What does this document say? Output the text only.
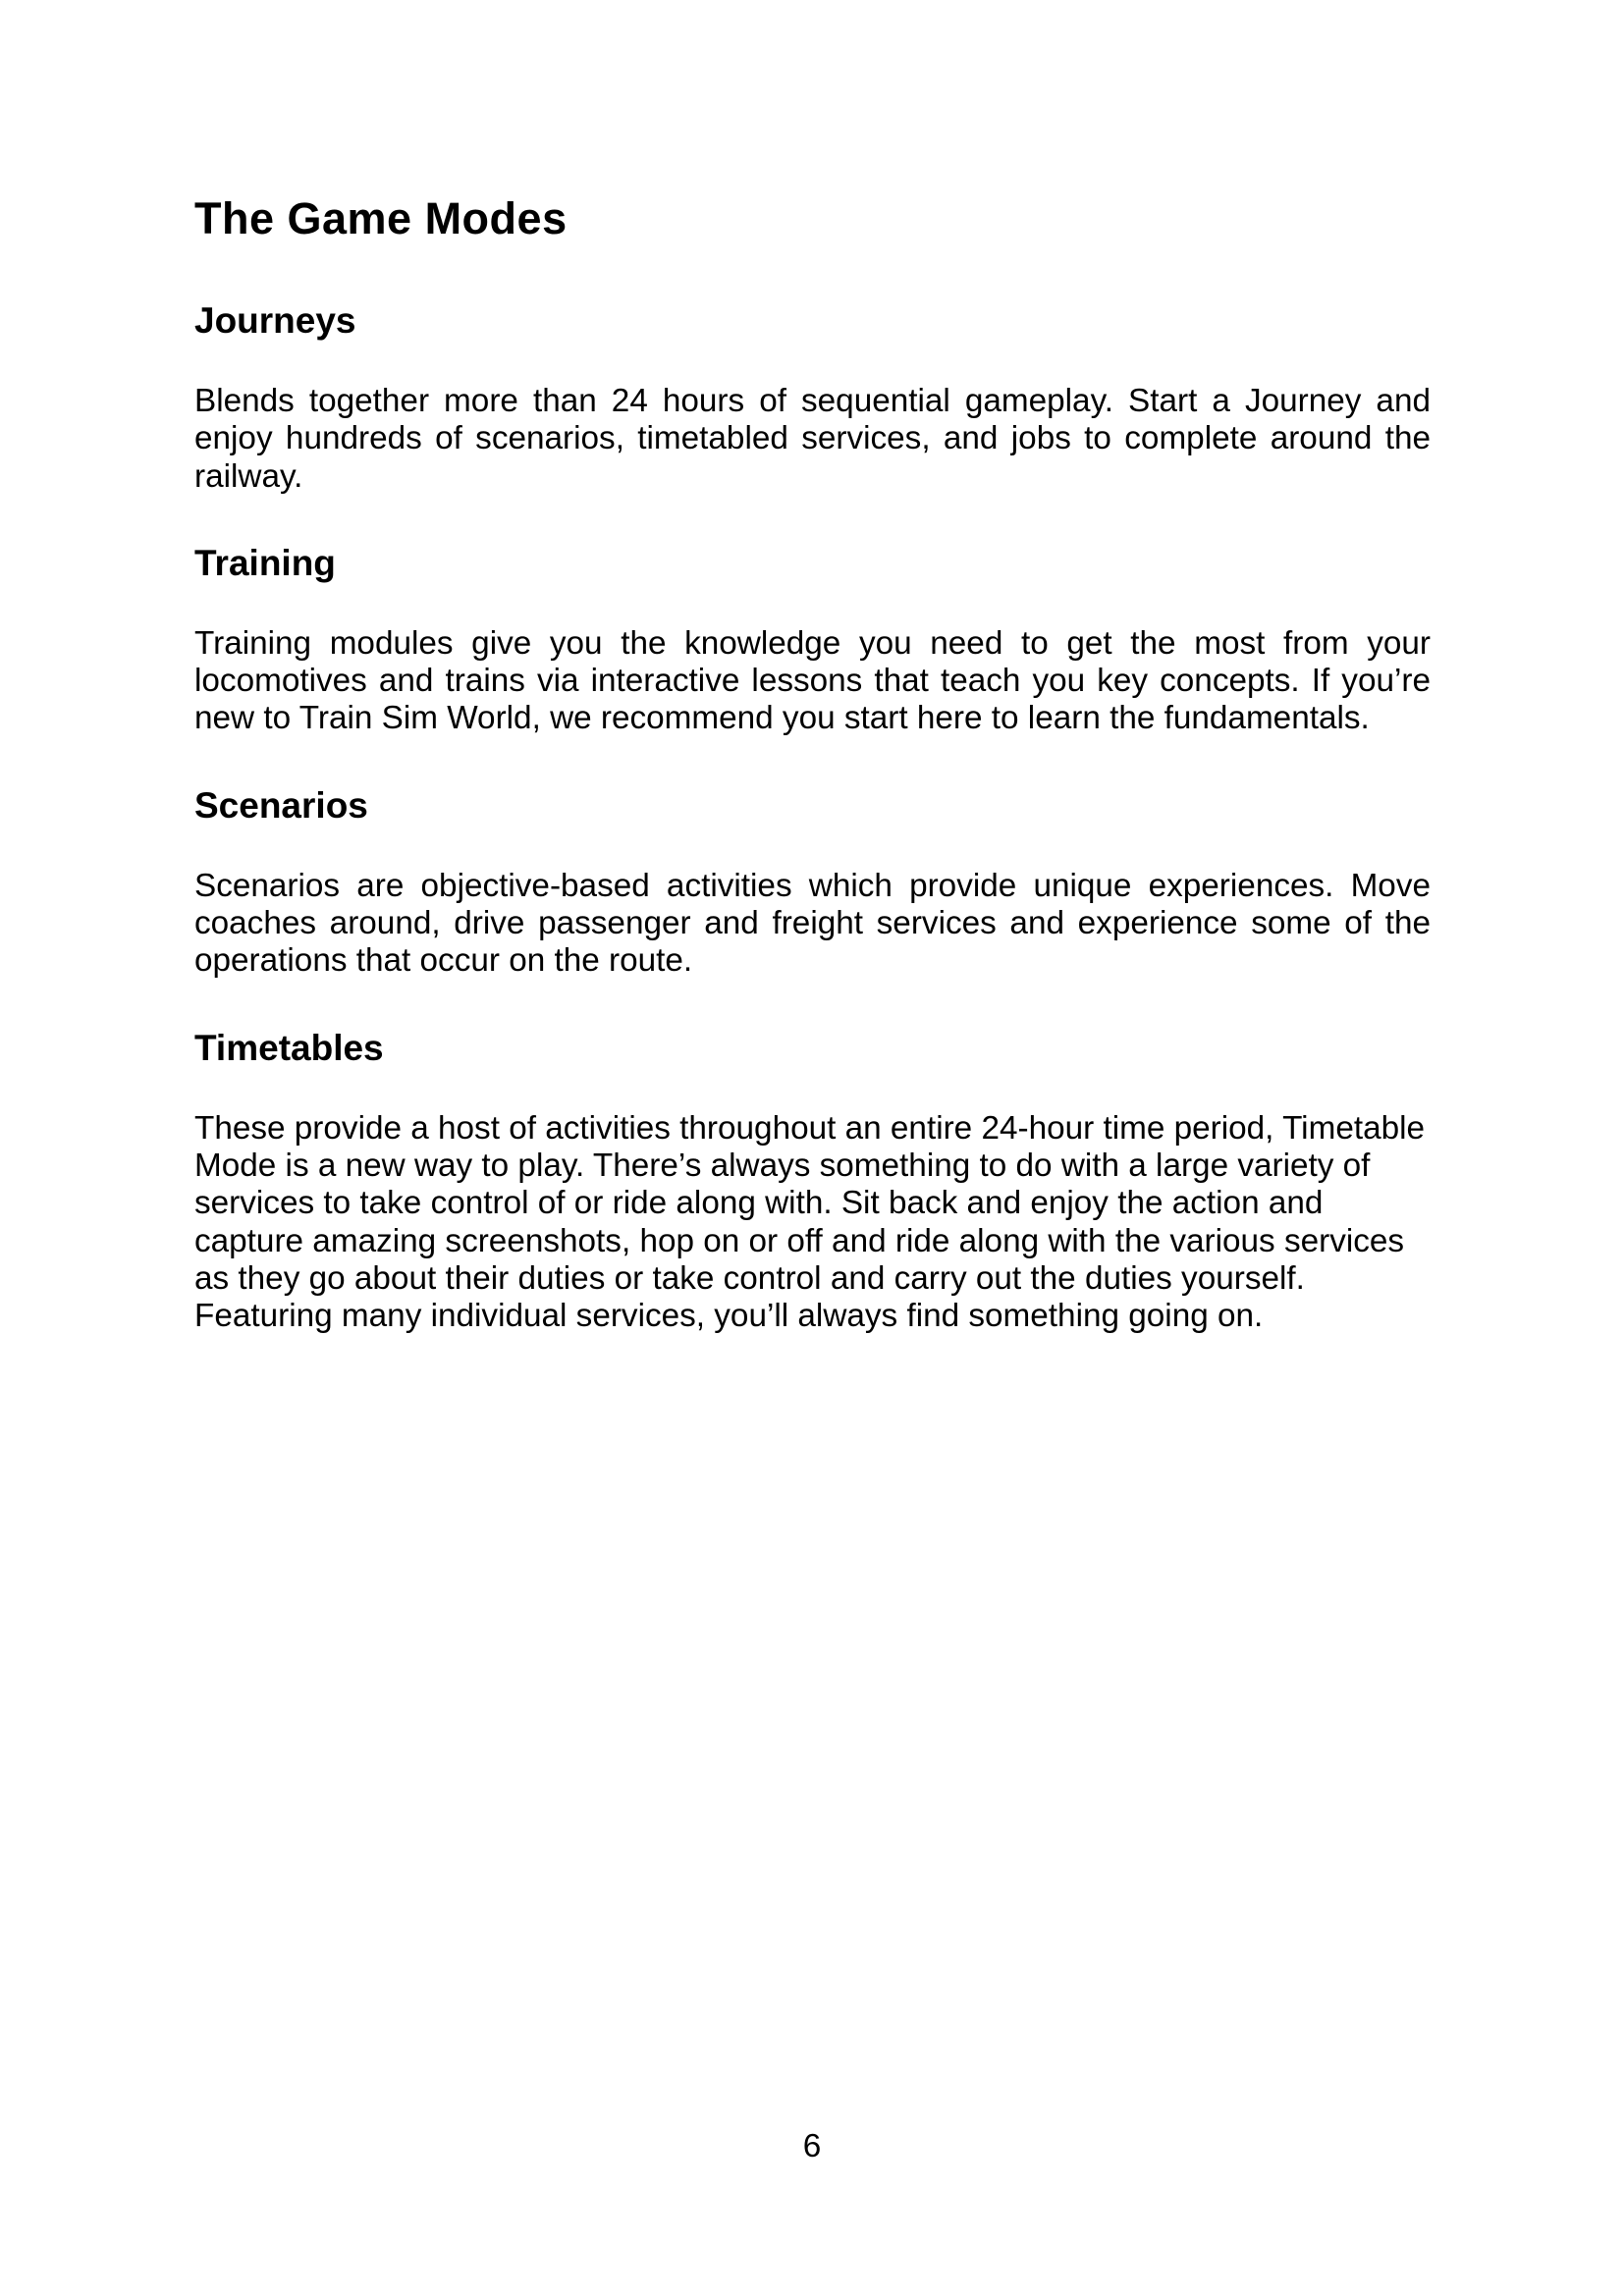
The Game Modes
Journeys

Blends together more than 24 hours of sequential gameplay. Start a Journey and enjoy hundreds of scenarios, timetabled services, and jobs to complete around the railway.

Training

Training modules give you the knowledge you need to get the most from your locomotives and trains via interactive lessons that teach you key concepts. If you’re new to Train Sim World, we recommend you start here to learn the fundamentals.

Scenarios

Scenarios are objective-based activities which provide unique experiences. Move coaches around, drive passenger and freight services and experience some of the operations that occur on the route.

Timetables

These provide a host of activities throughout an entire 24-hour time period, Timetable Mode is a new way to play. There’s always something to do with a large variety of services to take control of or ride along with. Sit back and enjoy the action and capture amazing screenshots, hop on or off and ride along with the various services as they go about their duties or take control and carry out the duties yourself. Featuring many individual services, you’ll always find something going on.

6
